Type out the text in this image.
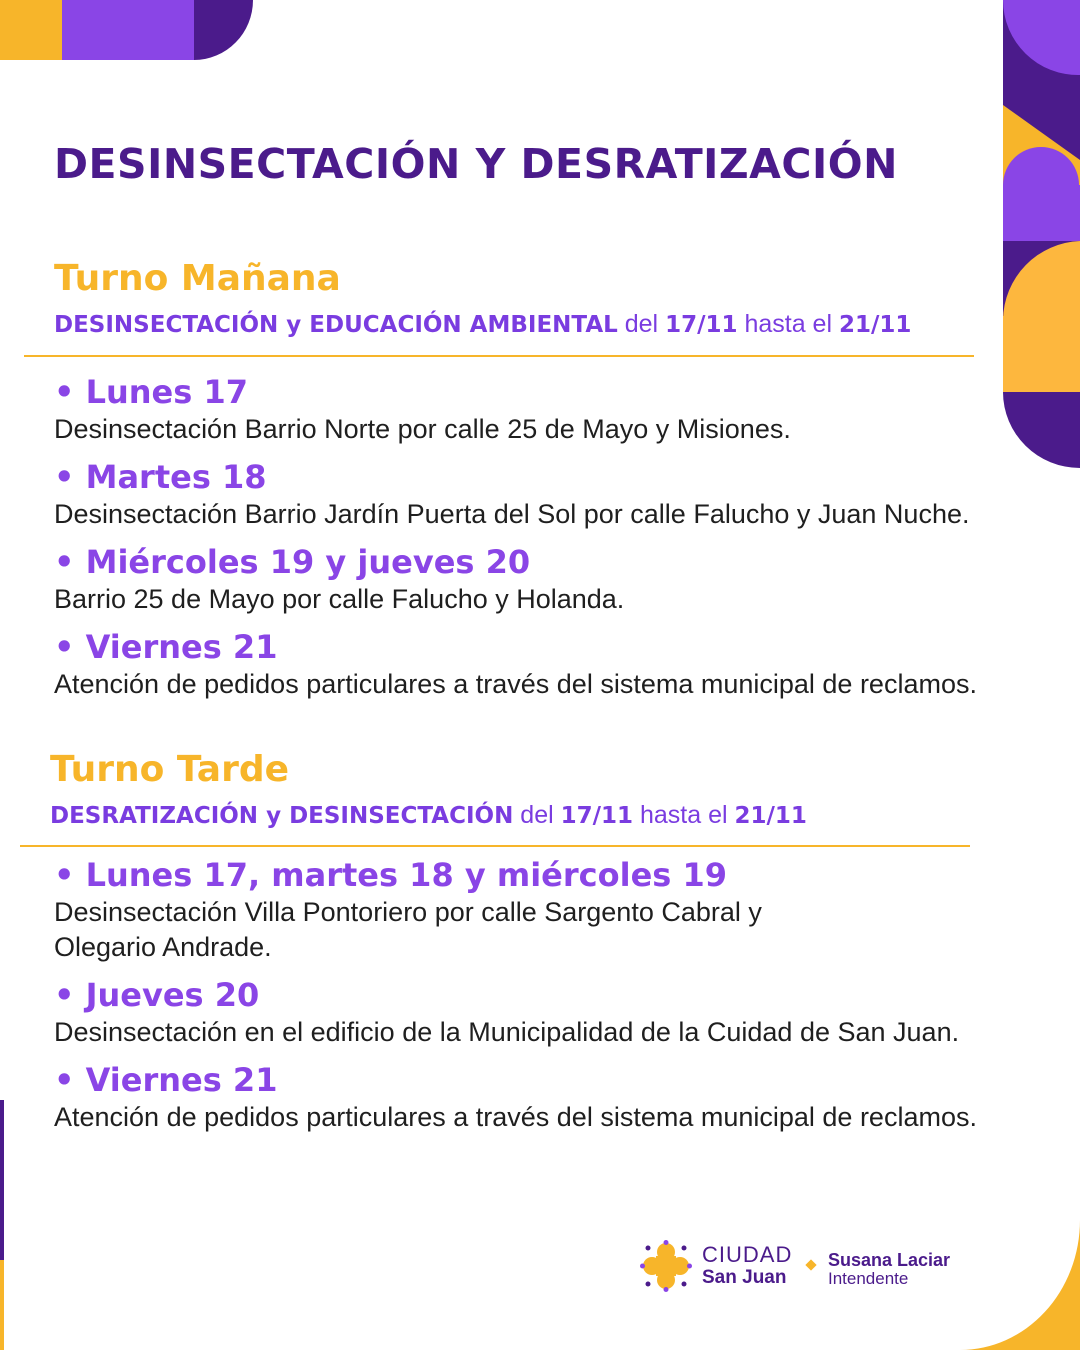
DESINSECTACIÓN Y DESRATIZACIÓN
Turno Mañana

DESINSECTACIÓN y EDUCACIÓN AMBIENTAL del 17/11 hasta el 21/11

• Lunes 17

Desinsectación Barrio Norte por calle 25 de Mayo y Misiones.

• Martes 18

Desinsectación Barrio Jardín Puerta del Sol por calle Falucho y Juan Nuche.

• Miércoles 19 y jueves 20

Barrio 25 de Mayo por calle Falucho y Holanda.

• Viernes 21

Atención de pedidos particulares a través del sistema municipal de reclamos.

Turno Tarde

DESRATIZACIÓN y DESINSECTACIÓN del 17/11 hasta el 21/11

• Lunes 17, martes 18 y miércoles 19

Desinsectación Villa Pontoriero por calle Sargento Cabral y Olegario Andrade.

• Jueves 20

Desinsectación en el edificio de la Municipalidad de la Cuidad de San Juan.

• Viernes 21

Atención de pedidos particulares a través del sistema municipal de reclamos.

CIUDAD
San Juan
Susana Laciar
Intendente
